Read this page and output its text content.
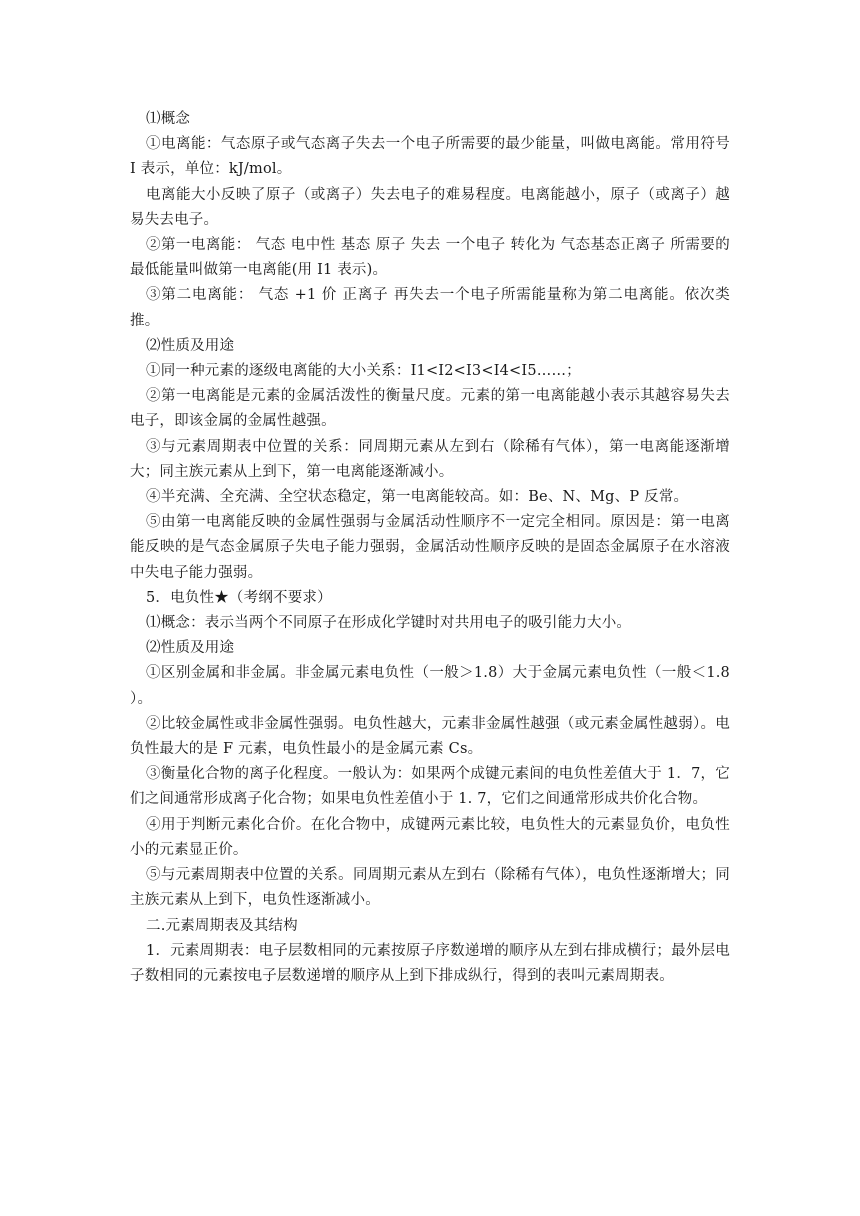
⑴概念

①电离能：气态原子或气态离子失去一个电子所需要的最少能量，叫做电离能。常用符号 I 表示，单位：kJ/mol。

电离能大小反映了原子（或离子）失去电子的难易程度。电离能越小，原子（或离子）越易失去电子。

②第一电离能： 气态 电中性 基态 原子 失去 一个电子 转化为 气态基态正离子 所需要的最低能量叫做第一电离能(用 I1 表示)。

③第二电离能： 气态 +1 价 正离子 再失去一个电子所需能量称为第二电离能。依次类推。

⑵性质及用途

①同一种元素的逐级电离能的大小关系：I1<I2<I3<I4<I5……；

②第一电离能是元素的金属活泼性的衡量尺度。元素的第一电离能越小表示其越容易失去电子，即该金属的金属性越强。

③与元素周期表中位置的关系：同周期元素从左到右（除稀有气体），第一电离能逐渐增大；同主族元素从上到下，第一电离能逐渐减小。

④半充满、全充满、全空状态稳定，第一电离能较高。如：Be、N、Mg、P 反常。

⑤由第一电离能反映的金属性强弱与金属活动性顺序不一定完全相同。原因是：第一电离能反映的是气态金属原子失电子能力强弱，金属活动性顺序反映的是固态金属原子在水溶液中失电子能力强弱。

5．电负性★（考纲不要求）

⑴概念：表示当两个不同原子在形成化学键时对共用电子的吸引能力大小。

⑵性质及用途

①区别金属和非金属。非金属元素电负性（一般＞1.8）大于金属元素电负性（一般＜1.8 ）。

②比较金属性或非金属性强弱。电负性越大，元素非金属性越强（或元素金属性越弱）。电负性最大的是 F 元素，电负性最小的是金属元素 Cs。

③衡量化合物的离子化程度。一般认为：如果两个成键元素间的电负性差值大于 1．7，它们之间通常形成离子化合物；如果电负性差值小于 1. 7，它们之间通常形成共价化合物。

④用于判断元素化合价。在化合物中，成键两元素比较，电负性大的元素显负价，电负性小的元素显正价。

⑤与元素周期表中位置的关系。同周期元素从左到右（除稀有气体），电负性逐渐增大；同主族元素从上到下，电负性逐渐减小。

二.元素周期表及其结构

1．元素周期表：电子层数相同的元素按原子序数递增的顺序从左到右排成横行；最外层电子数相同的元素按电子层数递增的顺序从上到下排成纵行，得到的表叫元素周期表。
